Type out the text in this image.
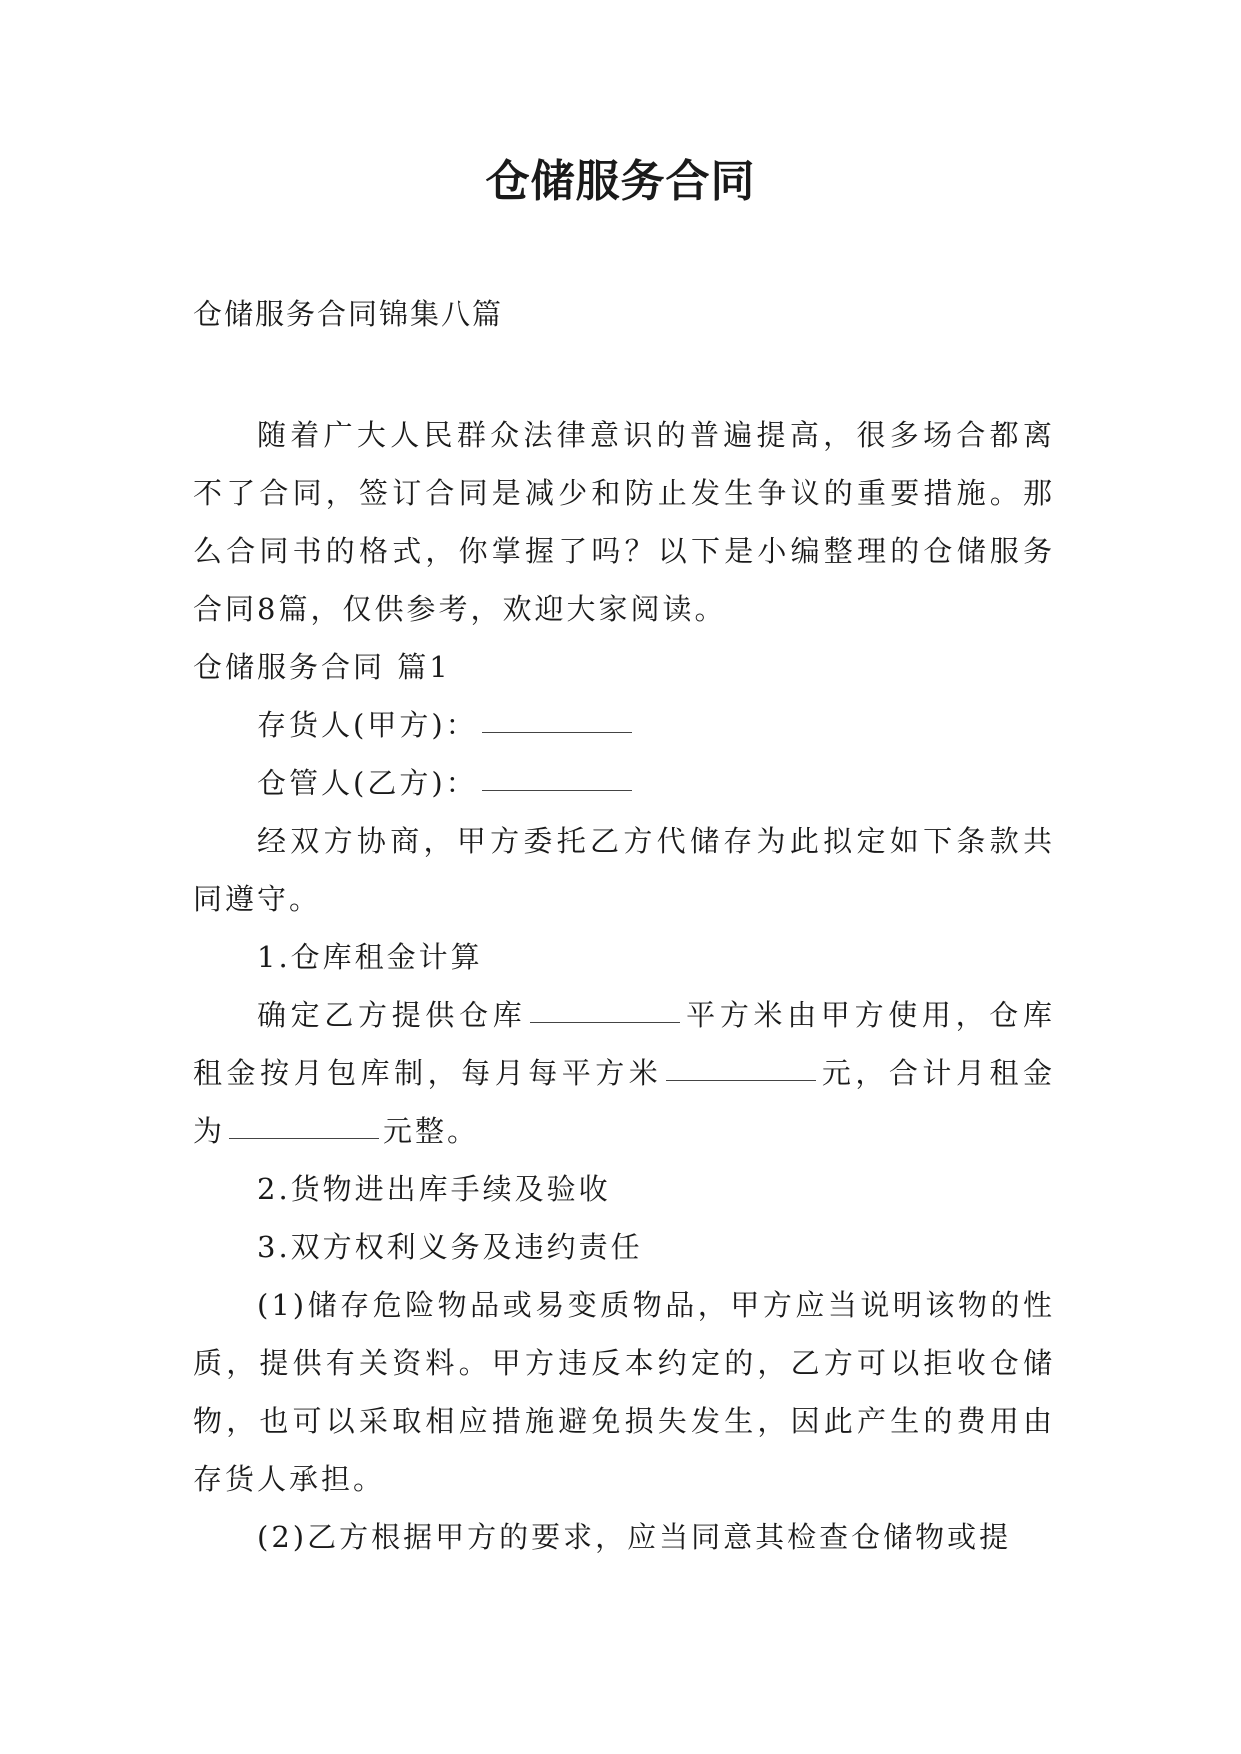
仓储服务合同
仓储服务合同锦集八篇

随着广大人民群众法律意识的普遍提高，很多场合都离不了合同，签订合同是减少和防止发生争议的重要措施。那么合同书的格式，你掌握了吗？以下是小编整理的仓储服务合同8篇，仅供参考，欢迎大家阅读。

仓储服务合同 篇1

存货人(甲方)：

仓管人(乙方)：

经双方协商，甲方委托乙方代储存为此拟定如下条款共同遵守。

1.仓库租金计算

确定乙方提供仓库	平方米由甲方使用，仓库租金按月包库制，每月每平方米	元，合计月租金为	元整。

2.货物进出库手续及验收

3.双方权利义务及违约责任

(1)储存危险物品或易变质物品，甲方应当说明该物的性质，提供有关资料。甲方违反本约定的，乙方可以拒收仓储物，也可以采取相应措施避免损失发生，因此产生的费用由存货人承担。

(2)乙方根据甲方的要求，应当同意其检查仓储物或提
